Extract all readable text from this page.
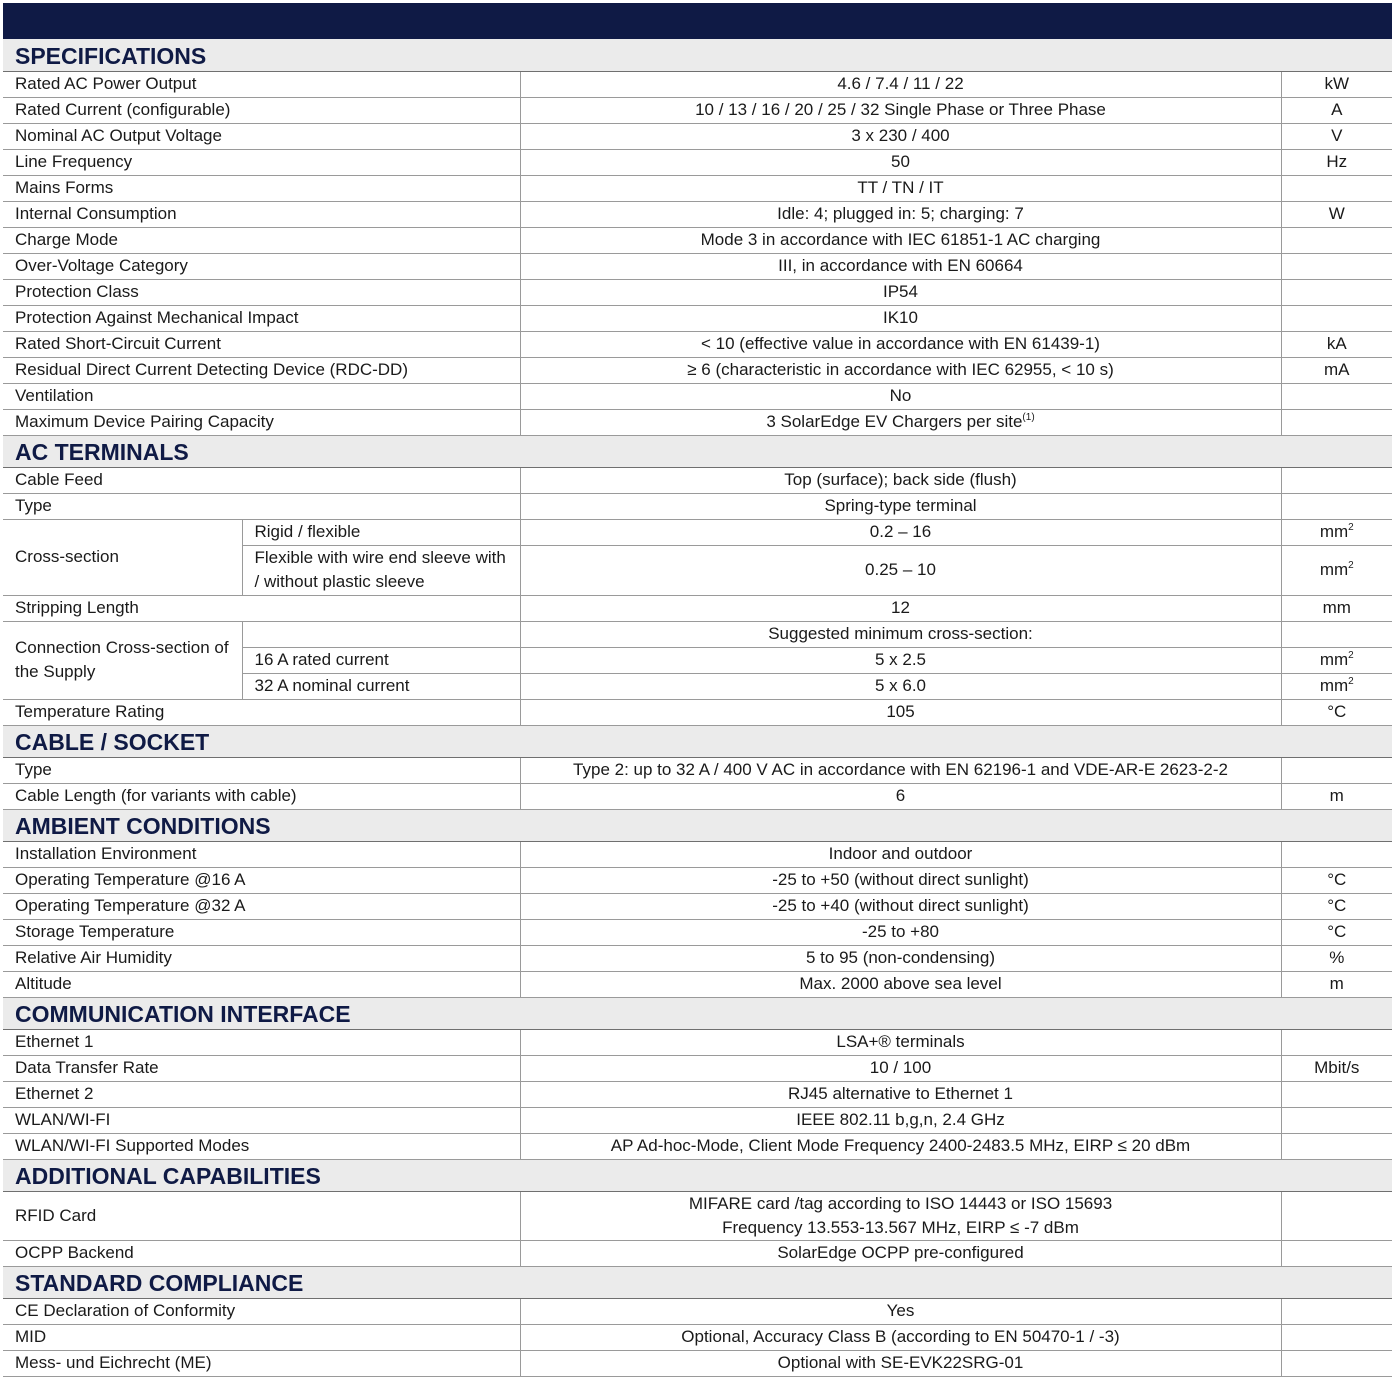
SPECIFICATIONS			
Rated AC Power Output		4.6 / 7.4 / 11 / 22	kW
Rated Current (configurable)		10 / 13 / 16 / 20 / 25 / 32 Single Phase or Three Phase	A
Nominal AC Output Voltage		3 x 230 / 400	V
Line Frequency		50	Hz
Mains Forms		TT / TN / IT	
Internal Consumption		Idle: 4; plugged in: 5; charging: 7	W
Charge Mode		Mode 3 in accordance with IEC 61851-1 AC charging	
Over-Voltage Category		III, in accordance with EN 60664	
Protection Class		IP54	
Protection Against Mechanical Impact		IK10	
Rated Short-Circuit Current		< 10 (effective value in accordance with EN 61439-1)	kA
Residual Direct Current Detecting Device (RDC-DD)		≥ 6 (characteristic in accordance with IEC 62955, < 10 s)	mA
Ventilation		No	
Maximum Device Pairing Capacity		3 SolarEdge EV Chargers per site$^{(1)}$	
AC TERMINALS			
Cable Feed		Top (surface); back side (flush)	
Type		Spring-type terminal	
Cross-section	Rigid / flexible	0.2 – 16	$mm^2$
	Flexible with wire end sleeve with / without plastic sleeve	0.25 – 10	$mm^2$
Stripping Length		12	mm
Connection Cross-section of the Supply		Suggested minimum cross-section:	
	16 A rated current	5 x 2.5	$mm^2$
	32 A nominal current	5 x 6.0	$mm^2$
Temperature Rating		105	°C
CABLE / SOCKET			
Type		Type 2: up to 32 A / 400 V AC in accordance with EN 62196-1 and VDE-AR-E 2623-2-2	
Cable Length (for variants with cable)		6	m
AMBIENT CONDITIONS			
Installation Environment		Indoor and outdoor	
Operating Temperature @16 A		-25 to +50 (without direct sunlight)	°C
Operating Temperature @32 A		-25 to +40 (without direct sunlight)	°C
Storage Temperature		-25 to +80	°C
Relative Air Humidity		5 to 95 (non-condensing)	%
Altitude		Max. 2000 above sea level	m
COMMUNICATION INTERFACE			
Ethernet 1		LSA+® terminals	
Data Transfer Rate		10 / 100	Mbit/s
Ethernet 2		RJ45 alternative to Ethernet 1	
WLAN/WI-FI		IEEE 802.11 b,g,n, 2.4 GHz	
WLAN/WI-FI Supported Modes		AP Ad-hoc-Mode, Client Mode Frequency 2400-2483.5 MHz, EIRP ≤ 20 dBm	
ADDITIONAL CAPABILITIES			
RFID Card		MIFARE card /tag according to ISO 14443 or ISO 15693
Frequency 13.553-13.567 MHz, EIRP ≤ -7 dBm	

OCPP Backend		SolarEdge OCPP pre-configured	
STANDARD COMPLIANCE			
CE Declaration of Conformity		Yes	
MID		Optional, Accuracy Class B (according to EN 50470-1 / -3)	
Mess- und Eichrecht (ME)		Optional with SE-EVK22SRG-01	
